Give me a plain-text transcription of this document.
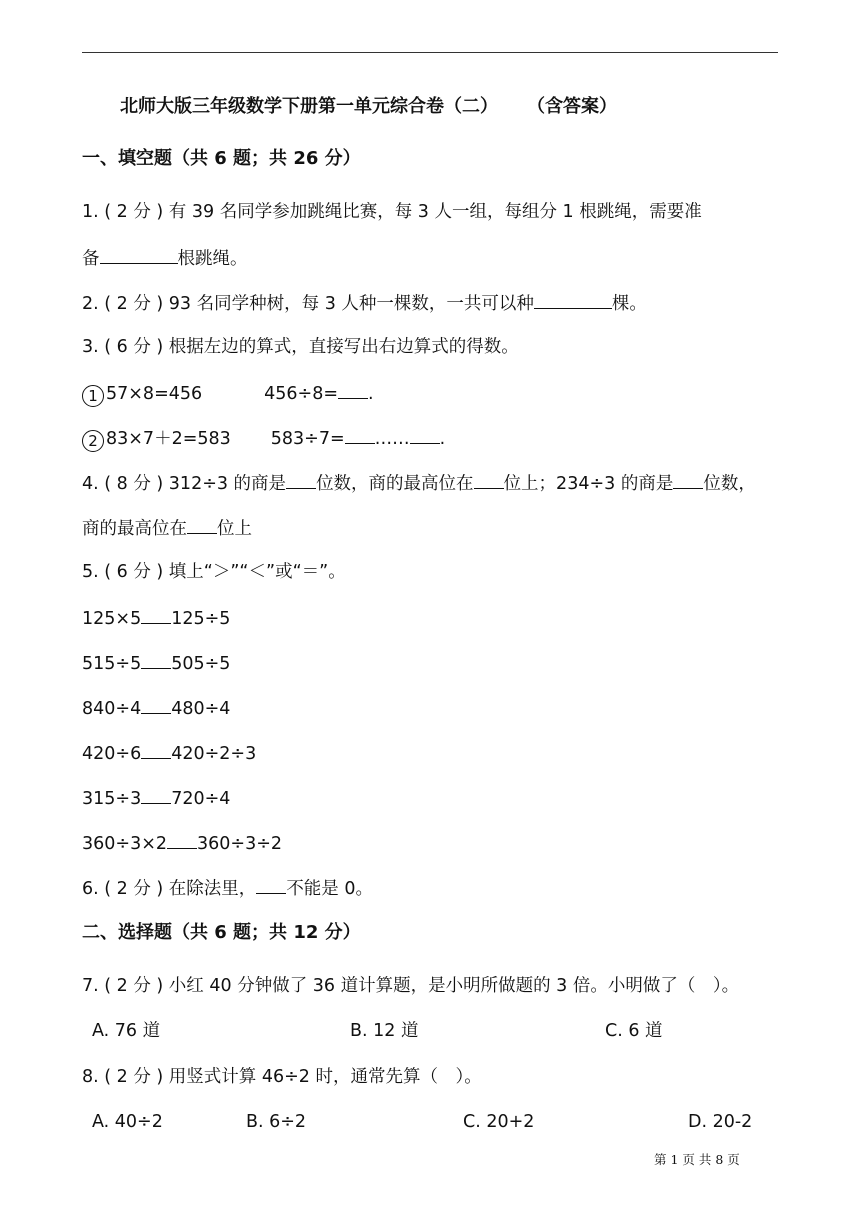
北师大版三年级数学下册第一单元综合卷（二） （含答案）
一、填空题（共 6 题；共 26 分）
1. ( 2 分 ) 有 39 名同学参加跳绳比赛，每 3 人一组，每组分 1 根跳绳，需要准
备	根跳绳。
2. ( 2 分 ) 93 名同学种树，每 3 人种一棵数，一共可以种	棵。
3. ( 6 分 ) 根据左边的算式，直接写出右边算式的得数。
1 57×8=456	456÷8= .
2 83×7＋2=583 583÷7= …… .
4. ( 8 分 ) 312÷3 的商是 位数，商的最高位在 位上；234÷3 的商是 位数，
商的最高位在 位上
5. ( 6 分 ) 填上“＞”“＜”或“＝”。
125×5 125÷5
515÷5 505÷5
840÷4 480÷4
420÷6 420÷2÷3
315÷3 720÷4
360÷3×2 360÷3÷2
6. ( 2 分 ) 在除法里， 不能是 0。
二、选择题（共 6 题；共 12 分）
7. ( 2 分 ) 小红 40 分钟做了 36 道计算题，是小明所做题的 3 倍。小明做了（　）。
A. 76 道	B. 12 道	C. 6 道
8. ( 2 分 ) 用竖式计算 46÷2 时，通常先算（　）。
A. 40÷2	B. 6÷2	C. 20+2	D. 20-2
第 1 页 共 8 页
